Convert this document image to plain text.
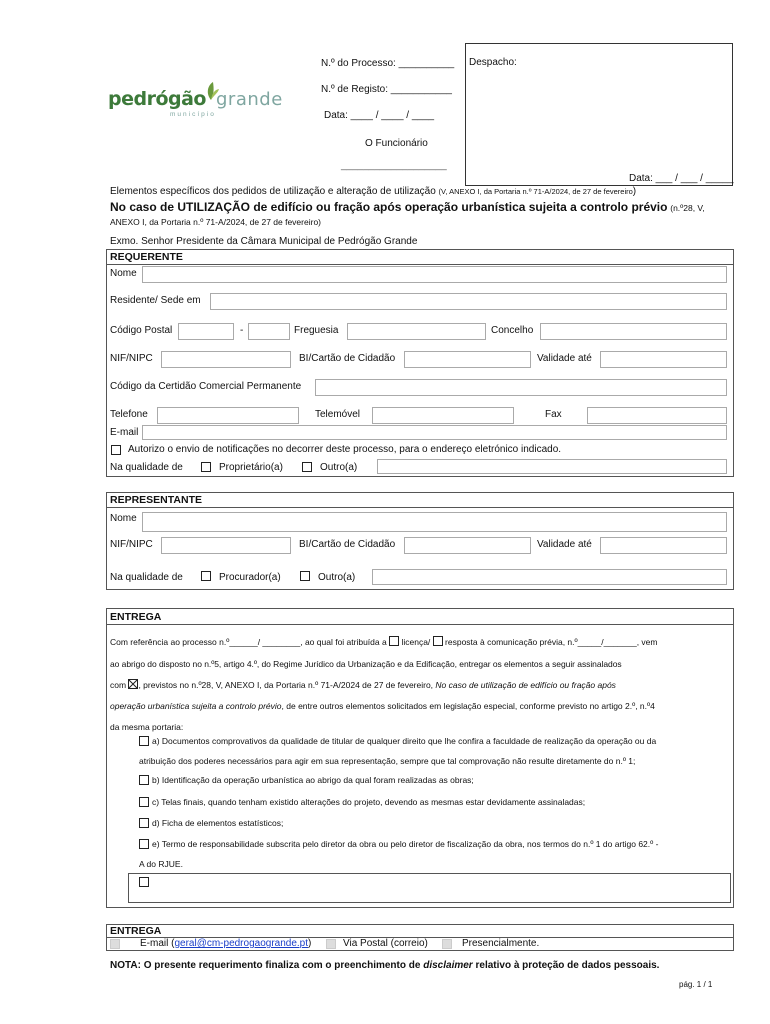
pedrógão grande
município
N.º do Processo: __________
N.º de Registo: ___________
Data: ____ / ____ / ____
O Funcionário
___________________
Despacho:
Data: ___ / ___ / _____
Elementos específicos dos pedidos de utilização e alteração de utilização (V, ANEXO I, da Portaria n.º 71-A/2024, de 27 de fevereiro)
No caso de UTILIZAÇÃO de edifício ou fração após operação urbanística sujeita a controlo prévio (n.º28, V,
ANEXO I, da Portaria n.º 71-A/2024, de 27 de fevereiro)
Exmo. Senhor Presidente da Câmara Municipal de Pedrógão Grande
REQUERENTE
Nome
Residente/ Sede em
Código Postal	-	Freguesia	Concelho
NIF/NIPC	BI/Cartão de Cidadão	Validade até
Código da Certidão Comercial Permanente
Telefone	Telemóvel	Fax
E-mail
Autorizo o envio de notificações no decorrer deste processo, para o endereço eletrónico indicado.
Na qualidade de	Proprietário(a)	Outro(a)
REPRESENTANTE
Nome
NIF/NIPC	BI/Cartão de Cidadão	Validade até
Na qualidade de	Procurador(a)	Outro(a)
ENTREGA
Com referência ao processo n.º______/ ________, ao qual foi atribuída a licença/ resposta à comunicação prévia, n.º_____/_______, vem
ao abrigo do disposto no n.º5, artigo 4.º, do Regime Jurídico da Urbanização e da Edificação, entregar os elementos a seguir assinalados
com , previstos no n.º28, V, ANEXO I, da Portaria n.º 71-A/2024 de 27 de fevereiro, No caso de utilização de edifício ou fração após
operação urbanística sujeita a controlo prévio, de entre outros elementos solicitados em legislação especial, conforme previsto no artigo 2.º, n.º4
da mesma portaria:
a) Documentos comprovativos da qualidade de titular de qualquer direito que lhe confira a faculdade de realização da operação ou da
atribuição dos poderes necessários para agir em sua representação, sempre que tal comprovação não resulte diretamente do n.º 1;
b) Identificação da operação urbanística ao abrigo da qual foram realizadas as obras;
c) Telas finais, quando tenham existido alterações do projeto, devendo as mesmas estar devidamente assinaladas;
d) Ficha de elementos estatísticos;
e) Termo de responsabilidade subscrita pelo diretor da obra ou pelo diretor de fiscalização da obra, nos termos do n.º 1 do artigo 62.º -
A do RJUE.
ENTREGA
E-mail (geral@cm-pedrogaogrande.pt)	Via Postal (correio)	Presencialmente.
NOTA: O presente requerimento finaliza com o preenchimento de disclaimer relativo à proteção de dados pessoais.
pág. 1 / 1
